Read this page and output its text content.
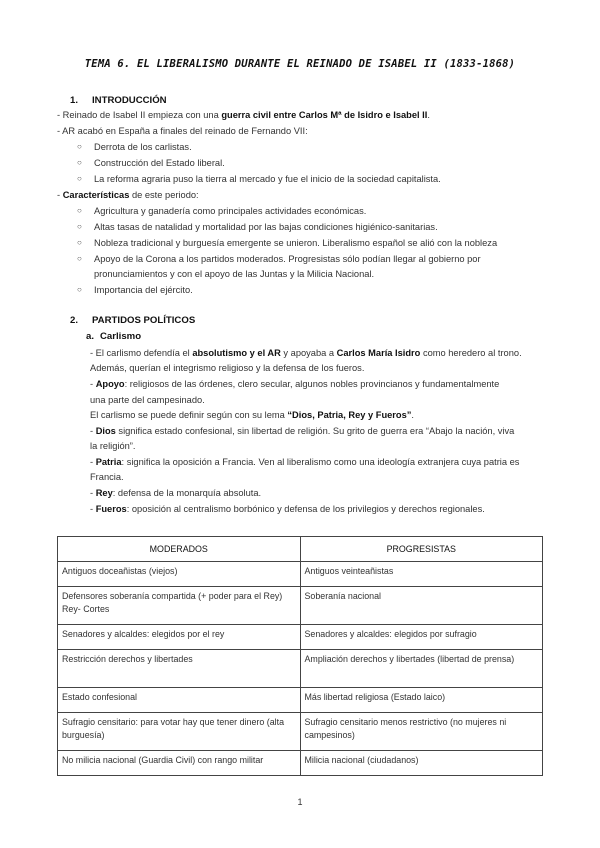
TEMA 6. EL LIBERALISMO DURANTE EL REINADO DE ISABEL II (1833-1868)
1. INTRODUCCIÓN
- Reinado de Isabel II empieza con una guerra civil entre Carlos Mª de Isidro e Isabel II.
- AR acabó en España a finales del reinado de Fernando VII:
○ Derrota de los carlistas.
○ Construcción del Estado liberal.
○ La reforma agraria puso la tierra al mercado y fue el inicio de la sociedad capitalista.
- Características de este periodo:
○ Agricultura y ganadería como principales actividades económicas.
○ Altas tasas de natalidad y mortalidad por las bajas condiciones higiénico-sanitarias.
○ Nobleza tradicional y burguesía emergente se unieron. Liberalismo español se alió con la nobleza
○ Apoyo de la Corona a los partidos moderados. Progresistas sólo podían llegar al gobierno por
pronunciamientos y con el apoyo de las Juntas y la Milicia Nacional.
○ Importancia del ejército.
2. PARTIDOS POLÍTICOS
a. Carlismo
- El carlismo defendía el absolutismo y el AR y apoyaba a Carlos María Isidro como heredero al trono.
Además, querían el integrismo religioso y la defensa de los fueros.
- Apoyo: religiosos de las órdenes, clero secular, algunos nobles provincianos y fundamentalmente
una parte del campesinado.
El carlismo se puede definir según con su lema “Dios, Patria, Rey y Fueros”.
- Dios significa estado confesional, sin libertad de religión. Su grito de guerra era “Abajo la nación, viva
la religión”.
- Patria: significa la oposición a Francia. Ven al liberalismo como una ideología extranjera cuya patria es
Francia.
- Rey: defensa de la monarquía absoluta.
- Fueros: oposición al centralismo borbónico y defensa de los privilegios y derechos regionales.
MODERADOS	PROGRESISTAS
Antiguos doceañistas (viejos)	Antiguos veinteañistas
Defensores soberanía compartida (+ poder para el Rey) Rey- Cortes	Soberanía nacional
Senadores y alcaldes: elegidos por el rey	Senadores y alcaldes: elegidos por sufragio
Restricción derechos y libertades	Ampliación derechos y libertades (libertad de prensa)
Estado confesional	Más libertad religiosa (Estado laico)
Sufragio censitario: para votar hay que tener dinero (alta burguesía)	Sufragio censitario menos restrictivo (no mujeres ni campesinos)
No milicia nacional (Guardia Civil) con rango militar	Milicia nacional (ciudadanos)
1
